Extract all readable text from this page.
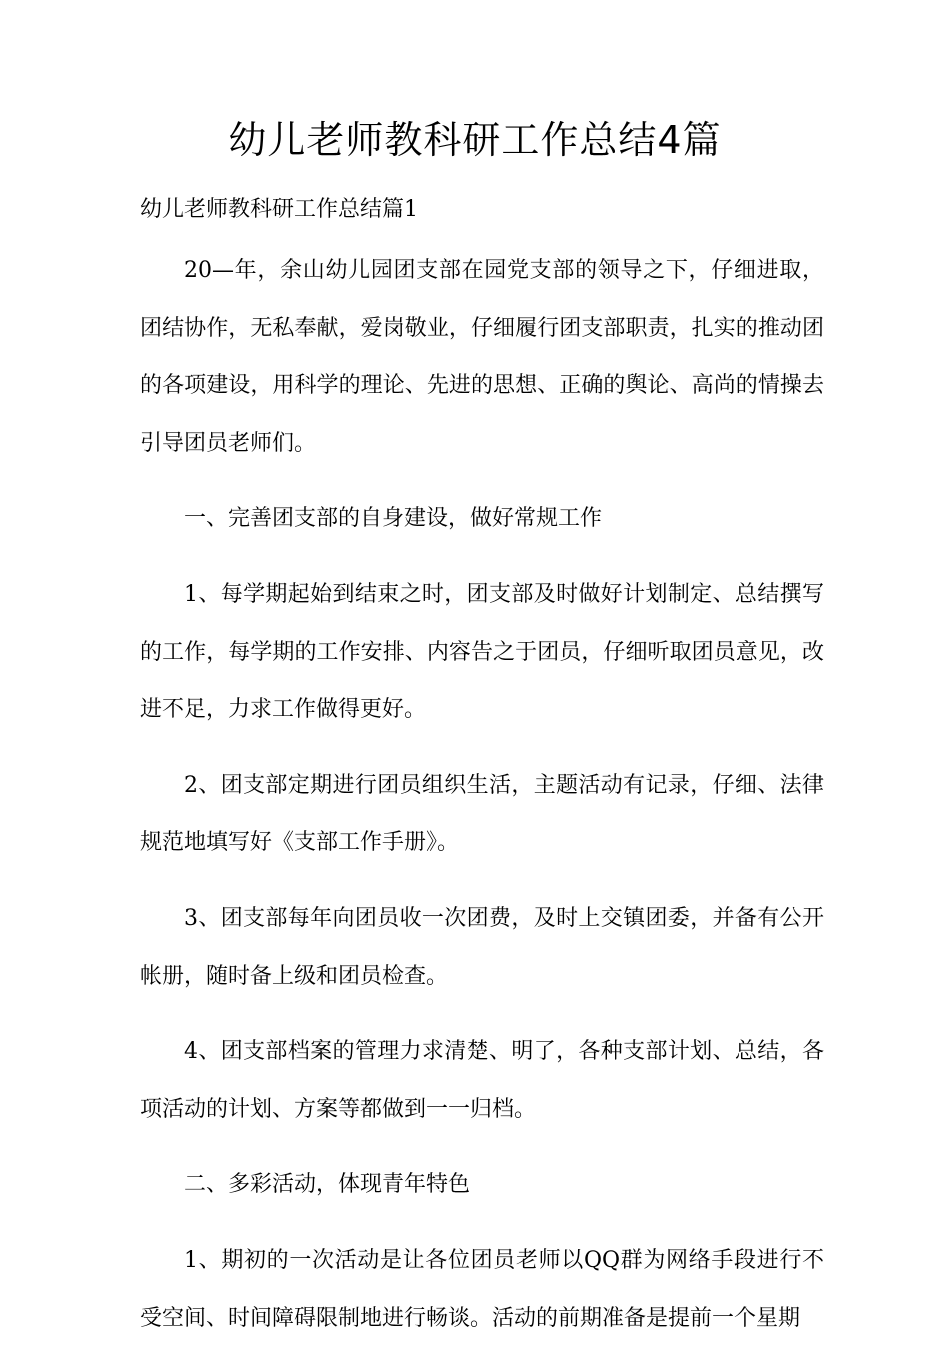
幼儿老师教科研工作总结4篇
幼儿老师教科研工作总结篇1

20—年，余山幼儿园团支部在园党支部的领导之下，仔细进取，团结协作，无私奉献，爱岗敬业，仔细履行团支部职责，扎实的推动团的各项建设，用科学的理论、先进的思想、正确的舆论、高尚的情操去引导团员老师们。

一、完善团支部的自身建设，做好常规工作

1、每学期起始到结束之时，团支部及时做好计划制定、总结撰写的工作，每学期的工作安排、内容告之于团员，仔细听取团员意见，改进不足，力求工作做得更好。

2、团支部定期进行团员组织生活，主题活动有记录，仔细、法律规范地填写好《支部工作手册》。

3、团支部每年向团员收一次团费，及时上交镇团委，并备有公开帐册，随时备上级和团员检查。

4、团支部档案的管理力求清楚、明了，各种支部计划、总结，各项活动的计划、方案等都做到一一归档。

二、多彩活动，体现青年特色

1、期初的一次活动是让各位团员老师以QQ群为网络手段进行不受空间、时间障碍限制地进行畅谈。活动的前期准备是提前一个星期
